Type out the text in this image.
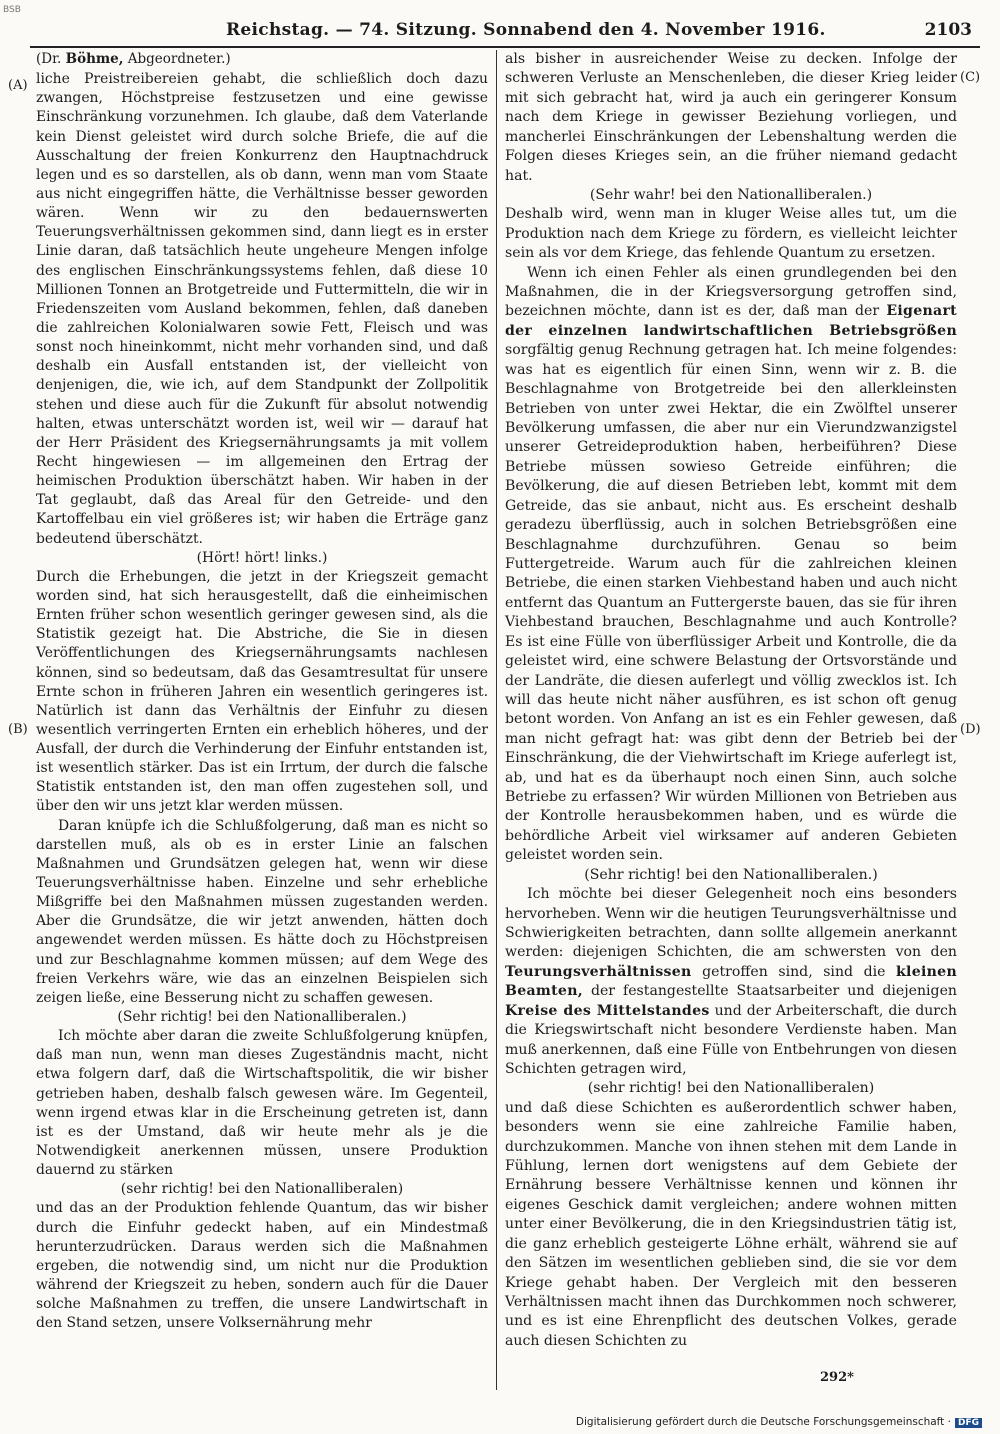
BSB
Reichstag. — 74. Sitzung. Sonnabend den 4. November 1916.	2103
(A)
(B)
(C)
(D)
(Dr. Böhme, Abgeordneter.)

liche Preistreibereien gehabt, die schließlich doch dazu zwangen, Höchstpreise festzusetzen und eine gewisse Einschränkung vorzunehmen. Ich glaube, daß dem Vaterlande kein Dienst geleistet wird durch solche Briefe, die auf die Ausschaltung der freien Konkurrenz den Hauptnachdruck legen und es so darstellen, als ob dann, wenn man vom Staate aus nicht eingegriffen hätte, die Verhältnisse besser geworden wären. Wenn wir zu den bedauernswerten Teuerungsverhältnissen gekommen sind, dann liegt es in erster Linie daran, daß tatsächlich heute ungeheure Mengen infolge des englischen Einschränkungssystems fehlen, daß diese 10 Millionen Tonnen an Brotgetreide und Futtermitteln, die wir in Friedenszeiten vom Ausland bekommen, fehlen, daß daneben die zahlreichen Kolonialwaren sowie Fett, Fleisch und was sonst noch hineinkommt, nicht mehr vorhanden sind, und daß deshalb ein Ausfall entstanden ist, der vielleicht von denjenigen, die, wie ich, auf dem Standpunkt der Zollpolitik stehen und diese auch für die Zukunft für absolut notwendig halten, etwas unterschätzt worden ist, weil wir — darauf hat der Herr Präsident des Kriegsernährungsamts ja mit vollem Recht hingewiesen — im allgemeinen den Ertrag der heimischen Produktion überschätzt haben. Wir haben in der Tat geglaubt, daß das Areal für den Getreide- und den Kartoffelbau ein viel größeres ist; wir haben die Erträge ganz bedeutend überschätzt.

(Hört! hört! links.)

Durch die Erhebungen, die jetzt in der Kriegszeit gemacht worden sind, hat sich herausgestellt, daß die einheimischen Ernten früher schon wesentlich geringer gewesen sind, als die Statistik gezeigt hat. Die Abstriche, die Sie in diesen Veröffentlichungen des Kriegsernährungsamts nachlesen können, sind so bedeutsam, daß das Gesamtresultat für unsere Ernte schon in früheren Jahren ein wesentlich geringeres ist. Natürlich ist dann das Verhältnis der Einfuhr zu diesen wesentlich verringerten Ernten ein erheblich höheres, und der Ausfall, der durch die Verhinderung der Einfuhr entstanden ist, ist wesentlich stärker. Das ist ein Irrtum, der durch die falsche Statistik entstanden ist, den man offen zugestehen soll, und über den wir uns jetzt klar werden müssen.

Daran knüpfe ich die Schlußfolgerung, daß man es nicht so darstellen muß, als ob es in erster Linie an falschen Maßnahmen und Grundsätzen gelegen hat, wenn wir diese Teuerungsverhältnisse haben. Einzelne und sehr erhebliche Mißgriffe bei den Maßnahmen müssen zugestanden werden. Aber die Grundsätze, die wir jetzt anwenden, hätten doch angewendet werden müssen. Es hätte doch zu Höchstpreisen und zur Beschlagnahme kommen müssen; auf dem Wege des freien Verkehrs wäre, wie das an einzelnen Beispielen sich zeigen ließe, eine Besserung nicht zu schaffen gewesen.

(Sehr richtig! bei den Nationalliberalen.)

Ich möchte aber daran die zweite Schlußfolgerung knüpfen, daß man nun, wenn man dieses Zugeständnis macht, nicht etwa folgern darf, daß die Wirtschaftspolitik, die wir bisher getrieben haben, deshalb falsch gewesen wäre. Im Gegenteil, wenn irgend etwas klar in die Erscheinung getreten ist, dann ist es der Umstand, daß wir heute mehr als je die Notwendigkeit anerkennen müssen, unsere Produktion dauernd zu stärken

(sehr richtig! bei den Nationalliberalen)

und das an der Produktion fehlende Quantum, das wir bisher durch die Einfuhr gedeckt haben, auf ein Mindestmaß herunterzudrücken. Daraus werden sich die Maßnahmen ergeben, die notwendig sind, um nicht nur die Produktion während der Kriegszeit zu heben, sondern auch für die Dauer solche Maßnahmen zu treffen, die unsere Landwirtschaft in den Stand setzen, unsere Volksernährung mehr

als bisher in ausreichender Weise zu decken. Infolge der schweren Verluste an Menschenleben, die dieser Krieg leider mit sich gebracht hat, wird ja auch ein geringerer Konsum nach dem Kriege in gewisser Beziehung vorliegen, und mancherlei Einschränkungen der Lebenshaltung werden die Folgen dieses Krieges sein, an die früher niemand gedacht hat.

(Sehr wahr! bei den Nationalliberalen.)

Deshalb wird, wenn man in kluger Weise alles tut, um die Produktion nach dem Kriege zu fördern, es vielleicht leichter sein als vor dem Kriege, das fehlende Quantum zu ersetzen.

Wenn ich einen Fehler als einen grundlegenden bei den Maßnahmen, die in der Kriegsversorgung getroffen sind, bezeichnen möchte, dann ist es der, daß man der Eigenart der einzelnen landwirtschaftlichen Betriebsgrößen sorgfältig genug Rechnung getragen hat. Ich meine folgendes: was hat es eigentlich für einen Sinn, wenn wir z. B. die Beschlagnahme von Brotgetreide bei den allerkleinsten Betrieben von unter zwei Hektar, die ein Zwölftel unserer Bevölkerung umfassen, die aber nur ein Vierundzwanzigstel unserer Getreideproduktion haben, herbeiführen? Diese Betriebe müssen sowieso Getreide einführen; die Bevölkerung, die auf diesen Betrieben lebt, kommt mit dem Getreide, das sie anbaut, nicht aus. Es erscheint deshalb geradezu überflüssig, auch in solchen Betriebsgrößen eine Beschlagnahme durchzuführen. Genau so beim Futtergetreide. Warum auch für die zahlreichen kleinen Betriebe, die einen starken Viehbestand haben und auch nicht entfernt das Quantum an Futtergerste bauen, das sie für ihren Viehbestand brauchen, Beschlagnahme und auch Kontrolle? Es ist eine Fülle von überflüssiger Arbeit und Kontrolle, die da geleistet wird, eine schwere Belastung der Ortsvorstände und der Landräte, die diesen auferlegt und völlig zwecklos ist. Ich will das heute nicht näher ausführen, es ist schon oft genug betont worden. Von Anfang an ist es ein Fehler gewesen, daß man nicht gefragt hat: was gibt denn der Betrieb bei der Einschränkung, die der Viehwirtschaft im Kriege auferlegt ist, ab, und hat es da überhaupt noch einen Sinn, auch solche Betriebe zu erfassen? Wir würden Millionen von Betrieben aus der Kontrolle herausbekommen haben, und es würde die behördliche Arbeit viel wirksamer auf anderen Gebieten geleistet worden sein.

(Sehr richtig! bei den Nationalliberalen.)

Ich möchte bei dieser Gelegenheit noch eins besonders hervorheben. Wenn wir die heutigen Teurungsverhältnisse und Schwierigkeiten betrachten, dann sollte allgemein anerkannt werden: diejenigen Schichten, die am schwersten von den Teurungsverhältnissen getroffen sind, sind die kleinen Beamten, der festangestellte Staatsarbeiter und diejenigen Kreise des Mittelstandes und der Arbeiterschaft, die durch die Kriegswirtschaft nicht besondere Verdienste haben. Man muß anerkennen, daß eine Fülle von Entbehrungen von diesen Schichten getragen wird,

(sehr richtig! bei den Nationalliberalen)

und daß diese Schichten es außerordentlich schwer haben, besonders wenn sie eine zahlreiche Familie haben, durchzukommen. Manche von ihnen stehen mit dem Lande in Fühlung, lernen dort wenigstens auf dem Gebiete der Ernährung bessere Verhältnisse kennen und können ihr eigenes Geschick damit vergleichen; andere wohnen mitten unter einer Bevölkerung, die in den Kriegsindustrien tätig ist, die ganz erheblich gesteigerte Löhne erhält, während sie auf den Sätzen im wesentlichen geblieben sind, die sie vor dem Kriege gehabt haben. Der Vergleich mit den besseren Verhältnissen macht ihnen das Durchkommen noch schwerer, und es ist eine Ehrenpflicht des deutschen Volkes, gerade auch diesen Schichten zu

292*
Digitalisierung gefördert durch die Deutsche Forschungsgemeinschaft · DFG
